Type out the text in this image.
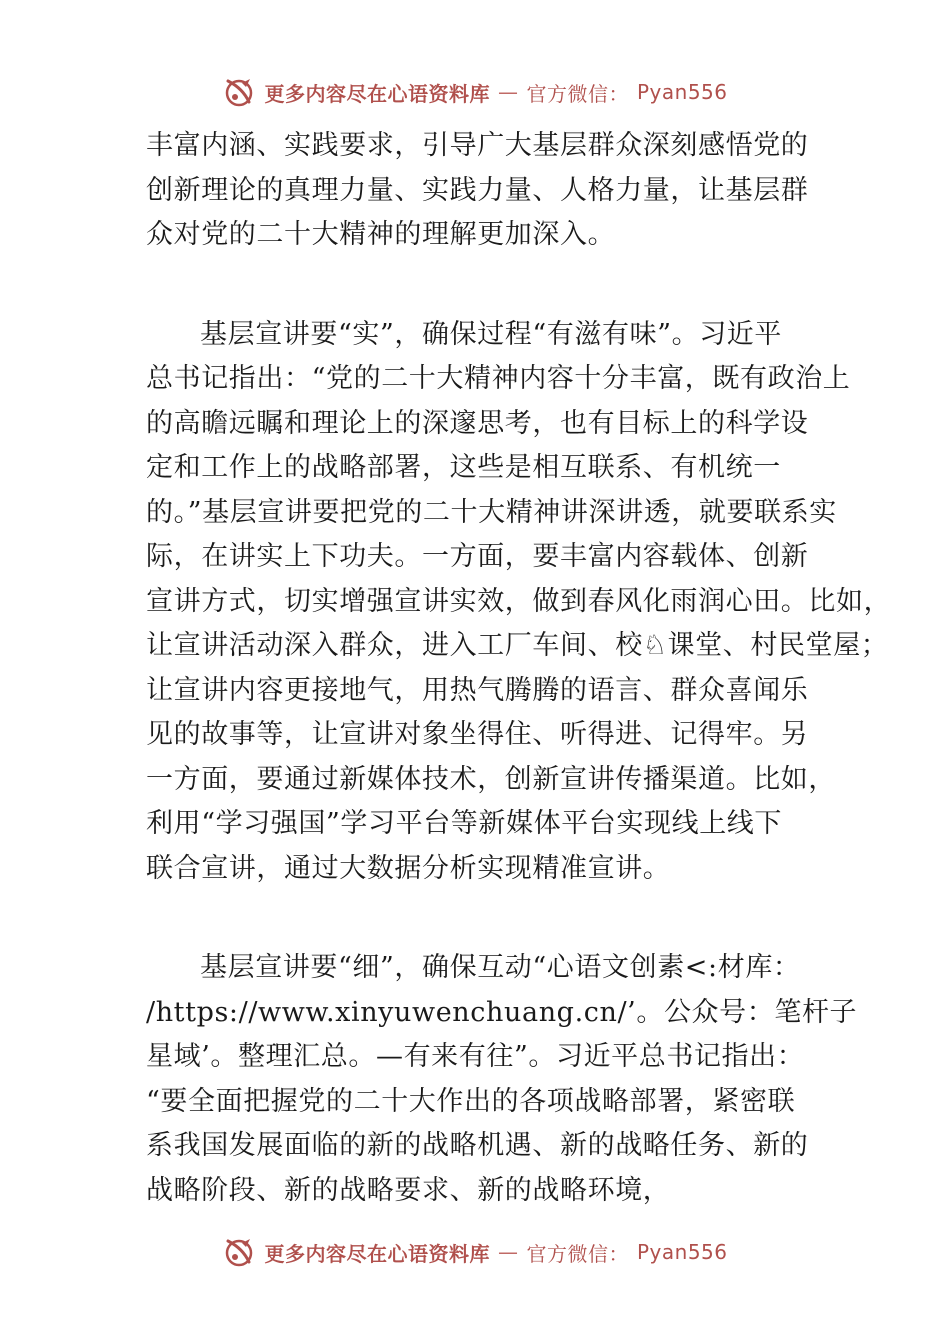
更多内容尽在心语资料库 — 官方微信： Pyan556
丰富内涵、实践要求，引导广大基层群众深刻感悟党的
创新理论的真理力量、实践力量、人格力量，让基层群
众对党的二十大精神的理解更加深入。
基层宣讲要“实”，确保过程“有滋有味”。习近平
总书记指出：“党的二十大精神内容十分丰富，既有政治上
的高瞻远瞩和理论上的深邃思考，也有目标上的科学设
定和工作上的战略部署，这些是相互联系、有机统一
的。”基层宣讲要把党的二十大精神讲深讲透，就要联系实
际，在讲实上下功夫。一方面，要丰富内容载体、创新
宣讲方式，切实增强宣讲实效，做到春风化雨润心田。比如，
让宣讲活动深入群众，进入工厂车间、校♘课堂、村民堂屋；
让宣讲内容更接地气，用热气腾腾的语言、群众喜闻乐
见的故事等，让宣讲对象坐得住、听得进、记得牢。另
一方面，要通过新媒体技术，创新宣讲传播渠道。比如，
利用“学习强国”学习平台等新媒体平台实现线上线下
联合宣讲，通过大数据分析实现精准宣讲。
基层宣讲要“细”，确保互动“心语文创素<:材库：
/https://www.xinyuwenchuang.cn/’。公众号：笔杆子
星域’。整理汇总。—有来有往”。习近平总书记指出：
“要全面把握党的二十大作出的各项战略部署，紧密联
系我国发展面临的新的战略机遇、新的战略任务、新的
战略阶段、新的战略要求、新的战略环境，
更多内容尽在心语资料库 — 官方微信： Pyan556
